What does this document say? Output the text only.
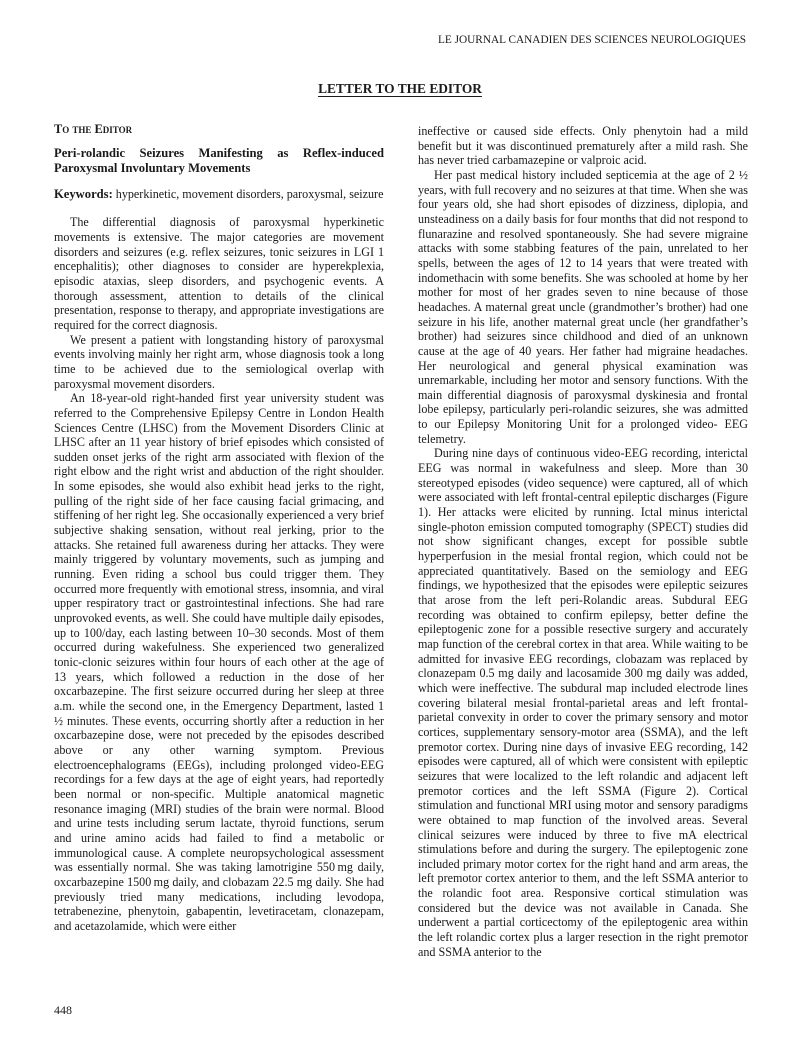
LE JOURNAL CANADIEN DES SCIENCES NEUROLOGIQUES
LETTER TO THE EDITOR
To the Editor
Peri-rolandic Seizures Manifesting as Reflex-induced Paroxysmal Involuntary Movements
Keywords: hyperkinetic, movement disorders, paroxysmal, seizure

The differential diagnosis of paroxysmal hyperkinetic movements is extensive. The major categories are movement disorders and seizures (e.g. reflex seizures, tonic seizures in LGI 1 encephalitis); other diagnoses to consider are hyperekplexia, episodic ataxias, sleep disorders, and psychogenic events. A thorough assessment, attention to details of the clinical presentation, response to therapy, and appropriate investigations are required for the correct diagnosis.

We present a patient with longstanding history of paroxysmal events involving mainly her right arm, whose diagnosis took a long time to be achieved due to the semiological overlap with paroxysmal movement disorders.

An 18-year-old right-handed first year university student was referred to the Comprehensive Epilepsy Centre in London Health Sciences Centre (LHSC) from the Movement Disorders Clinic at LHSC after an 11 year history of brief episodes which consisted of sudden onset jerks of the right arm associated with flexion of the right elbow and the right wrist and abduction of the right shoulder. In some episodes, she would also exhibit head jerks to the right, pulling of the right side of her face causing facial grimacing, and stiffening of her right leg. She occasionally experienced a very brief subjective shaking sensation, without real jerking, prior to the attacks. She retained full awareness during her attacks. They were mainly triggered by voluntary movements, such as jumping and running. Even riding a school bus could trigger them. They occurred more frequently with emotional stress, insomnia, and viral upper respiratory tract or gastrointestinal infections. She had rare unprovoked events, as well. She could have multiple daily episodes, up to 100/day, each lasting between 10–30 seconds. Most of them occurred during wakefulness. She experienced two generalized tonic-clonic seizures within four hours of each other at the age of 13 years, which followed a reduction in the dose of her oxcarbazepine. The first seizure occurred during her sleep at three a.m. while the second one, in the Emergency Department, lasted 1 ½ minutes. These events, occurring shortly after a reduction in her oxcarbazepine dose, were not preceded by the episodes described above or any other warning symptom. Previous electroencephalograms (EEGs), including prolonged video-EEG recordings for a few days at the age of eight years, had reportedly been normal or non-specific. Multiple anatomical magnetic resonance imaging (MRI) studies of the brain were normal. Blood and urine tests including serum lactate, thyroid functions, serum and urine amino acids had failed to find a metabolic or immunological cause. A complete neuropsychological assessment was essentially normal. She was taking lamotrigine 550 mg daily, oxcarbazepine 1500 mg daily, and clobazam 22.5 mg daily. She had previously tried many medications, including levodopa, tetrabenezine, phenytoin, gabapentin, levetiracetam, clonazepam, and acetazolamide, which were either

ineffective or caused side effects. Only phenytoin had a mild benefit but it was discontinued prematurely after a mild rash. She has never tried carbamazepine or valproic acid.

Her past medical history included septicemia at the age of 2 ½ years, with full recovery and no seizures at that time. When she was four years old, she had short episodes of dizziness, diplopia, and unsteadiness on a daily basis for four months that did not respond to flunarazine and resolved spontaneously. She had severe migraine attacks with some stabbing features of the pain, unrelated to her spells, between the ages of 12 to 14 years that were treated with indomethacin with some benefits. She was schooled at home by her mother for most of her grades seven to nine because of those headaches. A maternal great uncle (grandmother’s brother) had one seizure in his life, another maternal great uncle (her grandfather’s brother) had seizures since childhood and died of an unknown cause at the age of 40 years. Her father had migraine headaches. Her neurological and general physical examination was unremarkable, including her motor and sensory functions. With the main differential diagnosis of paroxysmal dyskinesia and frontal lobe epilepsy, particularly peri-rolandic seizures, she was admitted to our Epilepsy Monitoring Unit for a prolonged video- EEG telemetry.

During nine days of continuous video-EEG recording, interictal EEG was normal in wakefulness and sleep. More than 30 stereotyped episodes (video sequence) were captured, all of which were associated with left frontal-central epileptic discharges (Figure 1). Her attacks were elicited by running. Ictal minus interictal single-photon emission computed tomography (SPECT) studies did not show significant changes, except for possible subtle hyperperfusion in the mesial frontal region, which could not be appreciated quantitatively. Based on the semiology and EEG findings, we hypothesized that the episodes were epileptic seizures that arose from the left peri-Rolandic areas. Subdural EEG recording was obtained to confirm epilepsy, better define the epileptogenic zone for a possible resective surgery and accurately map function of the cerebral cortex in that area. While waiting to be admitted for invasive EEG recordings, clobazam was replaced by clonazepam 0.5 mg daily and lacosamide 300 mg daily was added, which were ineffective. The subdural map included electrode lines covering bilateral mesial frontal-parietal areas and left frontal-parietal convexity in order to cover the primary sensory and motor cortices, supplementary sensory-motor area (SSMA), and the left premotor cortex. During nine days of invasive EEG recording, 142 episodes were captured, all of which were consistent with epileptic seizures that were localized to the left rolandic and adjacent left premotor cortices and the left SSMA (Figure 2). Cortical stimulation and functional MRI using motor and sensory paradigms were obtained to map function of the involved areas. Several clinical seizures were induced by three to five mA electrical stimulations before and during the surgery. The epileptogenic zone included primary motor cortex for the right hand and arm areas, the left premotor cortex anterior to them, and the left SSMA anterior to the rolandic foot area. Responsive cortical stimulation was considered but the device was not available in Canada. She underwent a partial corticectomy of the epileptogenic area within the left rolandic cortex plus a larger resection in the right premotor and SSMA anterior to the

448
